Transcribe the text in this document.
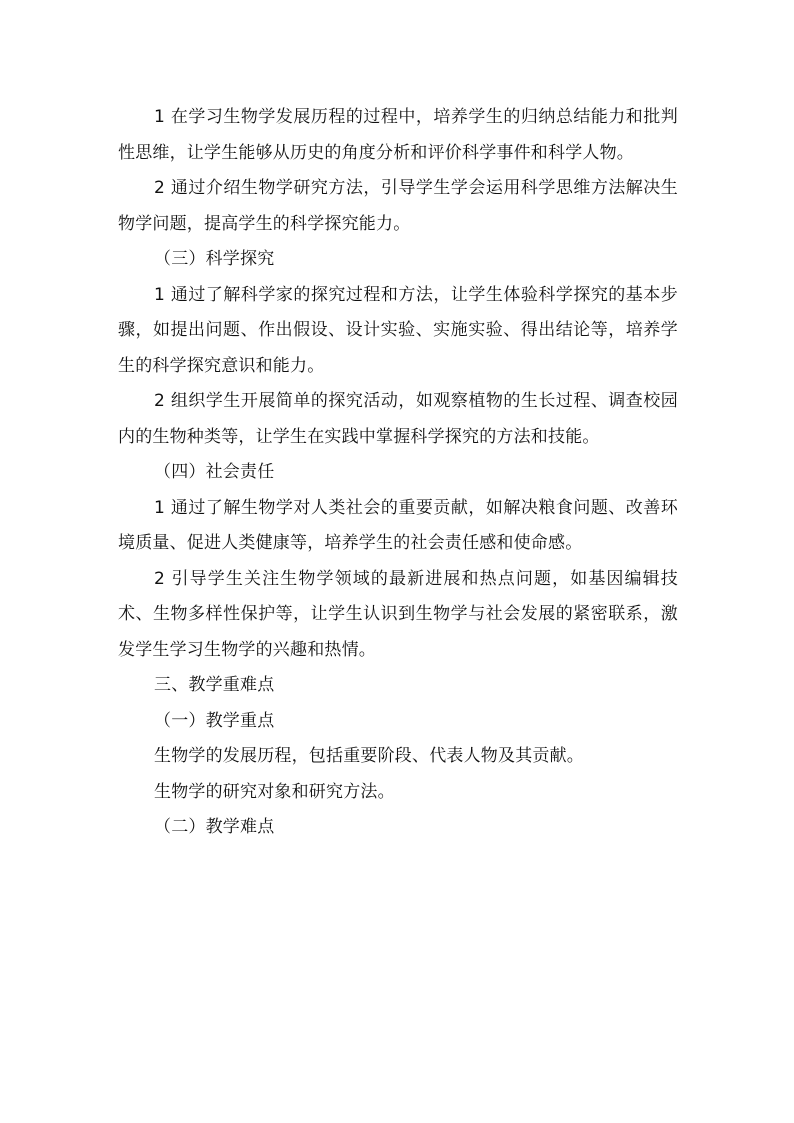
1 在学习生物学发展历程的过程中，培养学生的归纳总结能力和批判性思维，让学生能够从历史的角度分析和评价科学事件和科学人物。

2 通过介绍生物学研究方法，引导学生学会运用科学思维方法解决生物学问题，提高学生的科学探究能力。

（三）科学探究

1 通过了解科学家的探究过程和方法，让学生体验科学探究的基本步骤，如提出问题、作出假设、设计实验、实施实验、得出结论等，培养学生的科学探究意识和能力。

2 组织学生开展简单的探究活动，如观察植物的生长过程、调查校园内的生物种类等，让学生在实践中掌握科学探究的方法和技能。

（四）社会责任

1 通过了解生物学对人类社会的重要贡献，如解决粮食问题、改善环境质量、促进人类健康等，培养学生的社会责任感和使命感。

2 引导学生关注生物学领域的最新进展和热点问题，如基因编辑技术、生物多样性保护等，让学生认识到生物学与社会发展的紧密联系，激发学生学习生物学的兴趣和热情。

三、教学重难点

（一）教学重点

生物学的发展历程，包括重要阶段、代表人物及其贡献。

生物学的研究对象和研究方法。

（二）教学难点
